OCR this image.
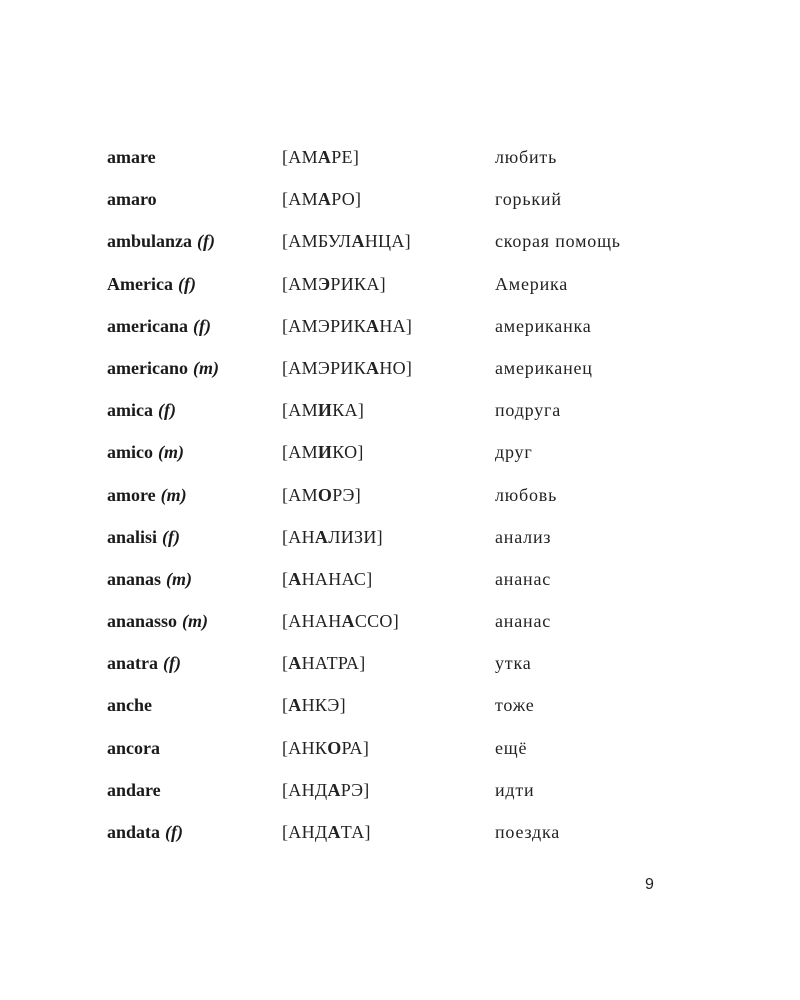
amare	[АМАРЕ]	любить
amaro	[АМАРО]	горький
ambulanza (f)	[АМБУЛАНЦА]	скорая помощь
America (f)	[АМЭРИКА]	Америка
americana (f)	[АМЭРИКАНА]	американка
americano (m)	[АМЭРИКАНО]	американец
amica (f)	[АМИКА]	подруга
amico (m)	[АМИКО]	друг
amore (m)	[АМОРЭ]	любовь
analisi (f)	[АНАЛИЗИ]	анализ
ananas (m)	[АНАНАС]	ананас
ananasso (m)	[АНАНАССО]	ананас
anatra (f)	[АНАТРА]	утка
anche	[АНКЭ]	тоже
ancora	[АНКОРА]	ещё
andare	[АНДАРЭ]	идти
andata (f)	[АНДАТА]	поездка
9
